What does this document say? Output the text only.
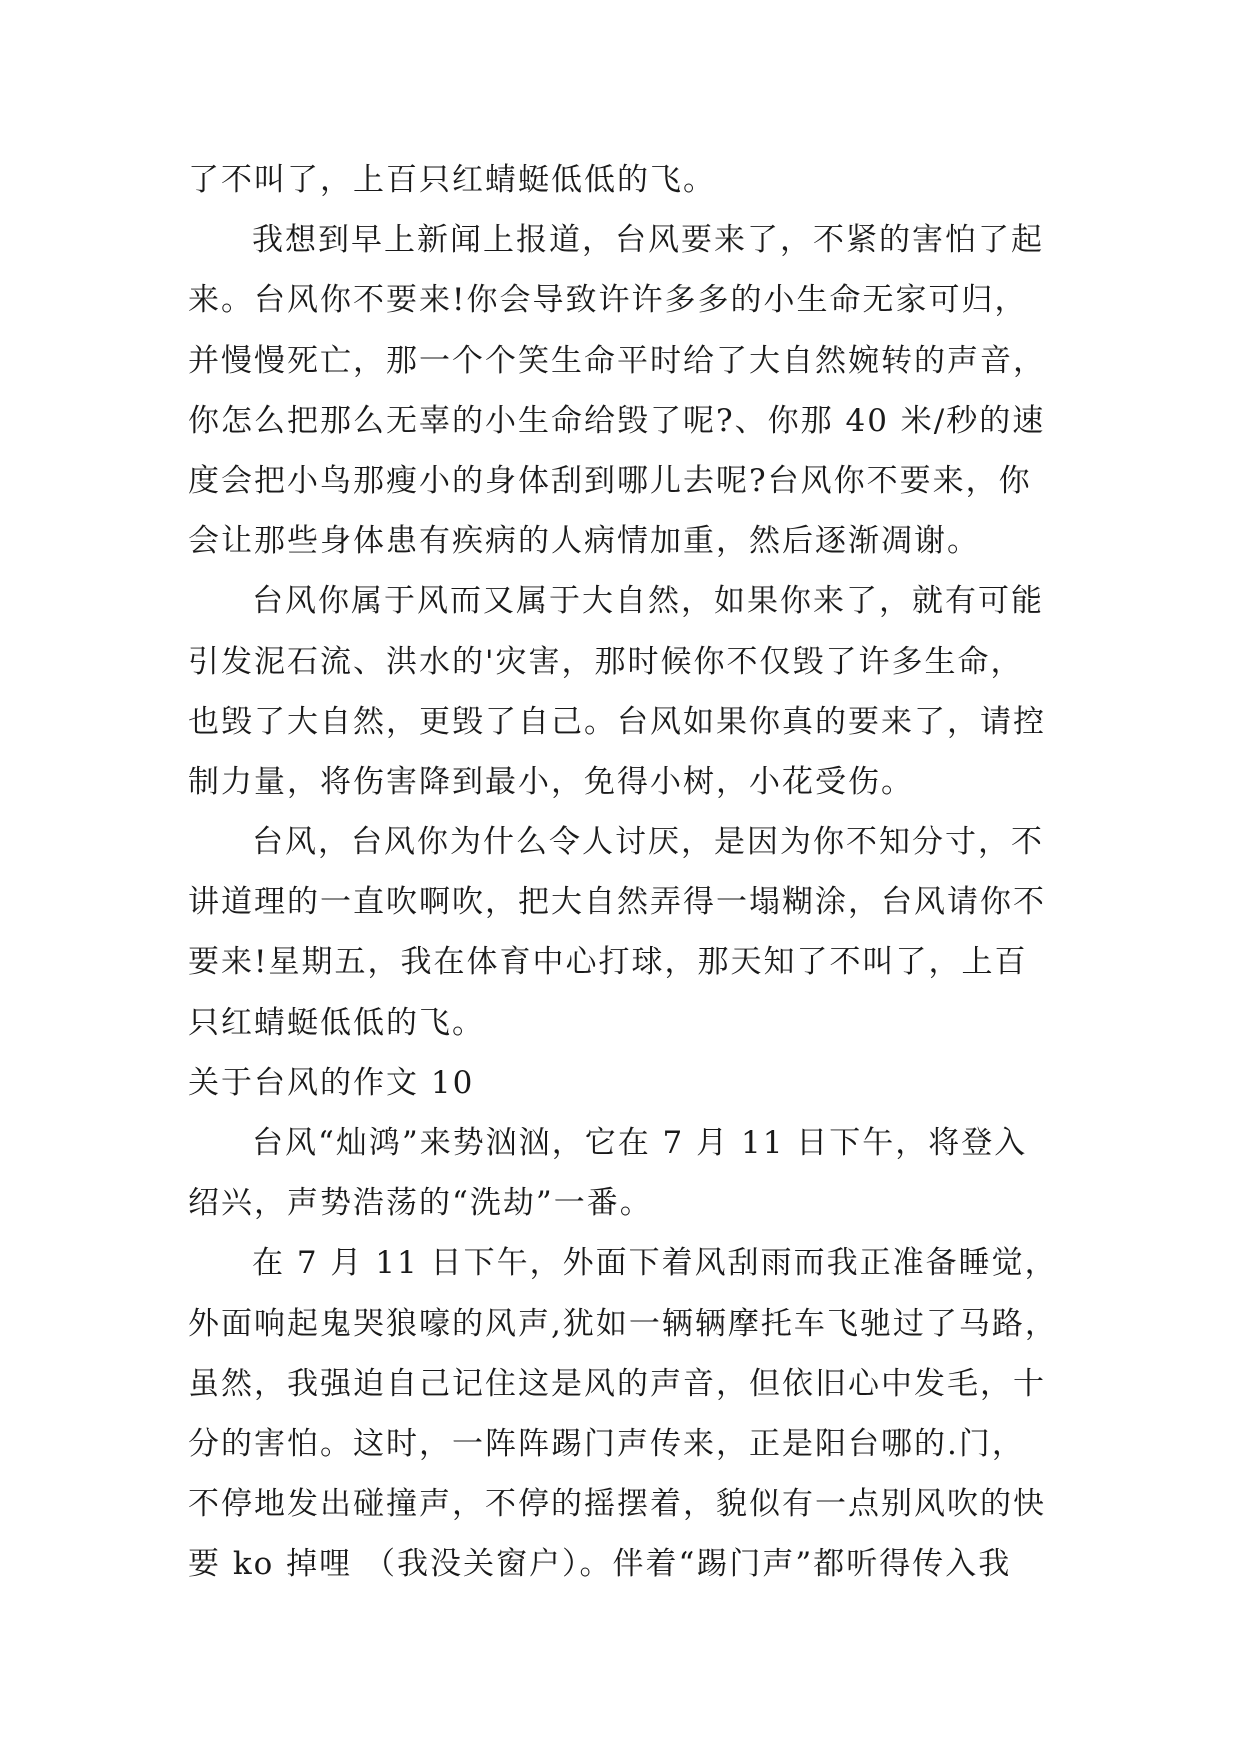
了不叫了，上百只红蜻蜓低低的飞。
我想到早上新闻上报道，台风要来了，不紧的害怕了起
来。台风你不要来!你会导致许许多多的小生命无家可归，
并慢慢死亡，那一个个笑生命平时给了大自然婉转的声音，
你怎么把那么无辜的小生命给毁了呢?、你那 40 米/秒的速
度会把小鸟那瘦小的身体刮到哪儿去呢?台风你不要来，你
会让那些身体患有疾病的人病情加重，然后逐渐凋谢。
台风你属于风而又属于大自然，如果你来了，就有可能
引发泥石流、洪水的'灾害，那时候你不仅毁了许多生命，
也毁了大自然，更毁了自己。台风如果你真的要来了，请控
制力量，将伤害降到最小，免得小树，小花受伤。
台风，台风你为什么令人讨厌，是因为你不知分寸，不
讲道理的一直吹啊吹，把大自然弄得一塌糊涂，台风请你不
要来!星期五，我在体育中心打球，那天知了不叫了，上百
只红蜻蜓低低的飞。
关于台风的作文 10
台风“灿鸿”来势汹汹，它在 7 月 11 日下午，将登入
绍兴，声势浩荡的“洗劫”一番。
在 7 月 11 日下午，外面下着风刮雨而我正准备睡觉，
外面响起鬼哭狼嚎的风声,犹如一辆辆摩托车飞驰过了马路，
虽然，我强迫自己记住这是风的声音，但依旧心中发毛，十
分的害怕。这时，一阵阵踢门声传来，正是阳台哪的.门，
不停地发出碰撞声，不停的摇摆着，貌似有一点别风吹的快
要 ko 掉哩 （我没关窗户）。伴着“踢门声”都听得传入我
